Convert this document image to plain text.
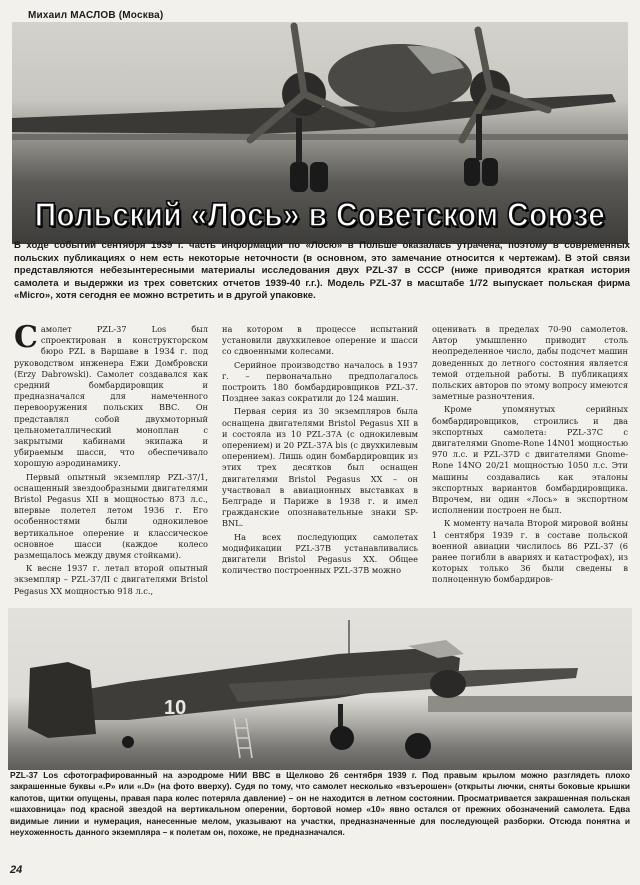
Михаил МАСЛОВ (Москва)
Польский «Лось» в Советском Союзе
В ходе событий сентября 1939 г. часть информации по «Лосю» в Польше оказалась утрачена, поэтому в современных польских публикациях о нем есть некоторые неточности (в основном, это замечание относится к чертежам). В этой связи представляются небезынтересными материалы исследования двух PZL-37 в СССР (ниже приводятся краткая история самолета и выдержки из трех советских отчетов 1939-40 г.г.). Модель PZL-37 в масштабе 1/72 выпускает польская фирма «Micro», хотя сегодня ее можно встретить и в другой упаковке.

Самолет PZL-37 Los был спроектирован в конструкторском бюро PZL в Варшаве в 1934 г. под руководством инженера Ежи Домбровски (Erzy Dabrowski). Самолет создавался как средний бомбардировщик и предназначался для намеченного перевооружения польских ВВС. Он представлял собой двухмоторный цельнометаллический моноплан с закрытыми кабинами экипажа и убираемым шасси, что обеспечивало хорошую аэродинамику.

Первый опытный экземпляр PZL-37/1, оснащенный звездообразными двигателями Bristol Pegasus XII в мощностью 873 л.с., впервые полетел летом 1936 г. Его особенностями были однокилевое вертикальное оперение и классическое основное шасси (каждое колесо размещалось между двумя стойками).

К весне 1937 г. летал второй опытный экземпляр – PZL-37/II с двигателями Bristol Pegasus XX мощностью 918 л.с.,

на котором в процессе испытаний установили двухкилевое оперение и шасси со сдвоенными колесами.

Серийное производство началось в 1937 г. – первоначально предполагалось построить 180 бомбардировщиков PZL-37. Позднее заказ сократили до 124 машин.

Первая серия из 30 экземпляров была оснащена двигателями Bristol Pegasus XII в и состояла из 10 PZL-37A (с однокилевым оперением) и 20 PZL-37A bis (с двухкилевым оперением). Лишь один бомбардировщик из этих трех десятков был оснащен двигателями Bristol Pegasus XX – он участвовал в авиационных выставках в Белграде и Париже в 1938 г. и имел гражданские опознавательные знаки SP-BNL.

На всех последующих самолетах модификации PZL-37B устанавливались двигатели Bristol Pegasus XX. Общее количество построенных PZL-37B можно

оценивать в пределах 70-90 самолетов. Автор умышленно приводит столь неопределенное число, дабы подсчет машин доведенных до летного состояния является темой отдельной работы. В публикациях польских авторов по этому вопросу имеются заметные разночтения.

Кроме упомянутых серийных бомбардировщиков, строились и два экспортных самолета: PZL-37C с двигателями Gnome-Rone 14N01 мощностью 970 л.с. и PZL-37D с двигателями Gnome-Rone 14NO 20/21 мощностью 1050 л.с. Эти машины создавались как эталоны экспортных вариантов бомбардировщика. Впрочем, ни один «Лось» в экспортном исполнении построен не был.

К моменту начала Второй мировой войны 1 сентября 1939 г. в составе польской военной авиации числилось 86 PZL-37 (6 ранее погибли в авариях и катастрофах), из которых только 36 были сведены в полноценную бомбардиров-

10
PZL-37 Los сфотографированный на аэродроме НИИ ВВС в Щелково 26 сентября 1939 г. Под правым крылом можно разглядеть плохо закрашенные буквы «.Р» или «.D» (на фото вверху). Судя по тому, что самолет несколько «взъерошен» (открыты лючки, сняты боковые крышки капотов, щитки опущены, правая пара колес потеряла давление) – он не находится в летном состоянии. Просматривается закрашенная польская «шаховница» под красной звездой на вертикальном оперении, бортовой номер «10» явно остался от прежних обозначений самолета. Едва видимые линии и нумерация, нанесенные мелом, указывают на участки, предназначенные для последующей разборки. Отсюда понятна и неухоженность данного экземпляра – к полетам он, похоже, не предназначался.
24
